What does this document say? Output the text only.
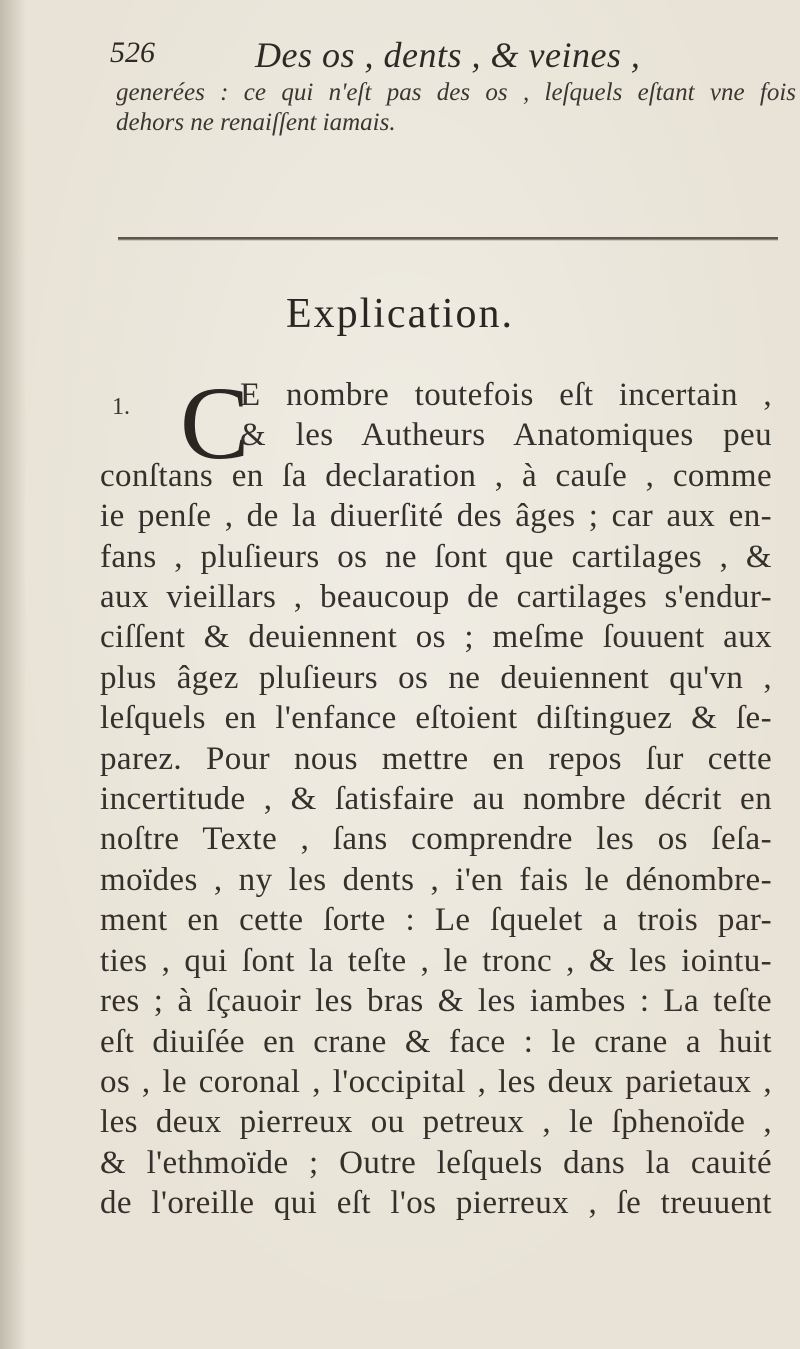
526	Des os , dents , & veines ,
generées : ce qui n'eſt pas des os , leſquels eſtant vne fois
dehors ne renaiſſent iamais.
Explication.
1. C
E nombre toutefois eſt incertain ,
& les Autheurs Anatomiques peu
conſtans en ſa declaration , à cauſe , comme
ie penſe , de la diuerſité des âges ; car aux en-
fans , pluſieurs os ne ſont que cartilages , &
aux vieillars , beaucoup de cartilages s'endur-
ciſſent & deuiennent os ; meſme ſouuent aux
plus âgez pluſieurs os ne deuiennent qu'vn ,
leſquels en l'enfance eſtoient diſtinguez & ſe-
parez. Pour nous mettre en repos ſur cette
incertitude , & ſatisfaire au nombre décrit en
noſtre Texte , ſans comprendre les os ſeſa-
moïdes , ny les dents , i'en fais le dénombre-
ment en cette ſorte : Le ſquelet a trois par-
ties , qui ſont la teſte , le tronc , & les iointu-
res ; à ſçauoir les bras & les iambes : La teſte
eſt diuiſée en crane & face : le crane a huit
os , le coronal , l'occipital , les deux parietaux ,
les deux pierreux ou petreux , le ſphenoïde ,
& l'ethmoïde ; Outre leſquels dans la cauité
de l'oreille qui eſt l'os pierreux , ſe treuuent
